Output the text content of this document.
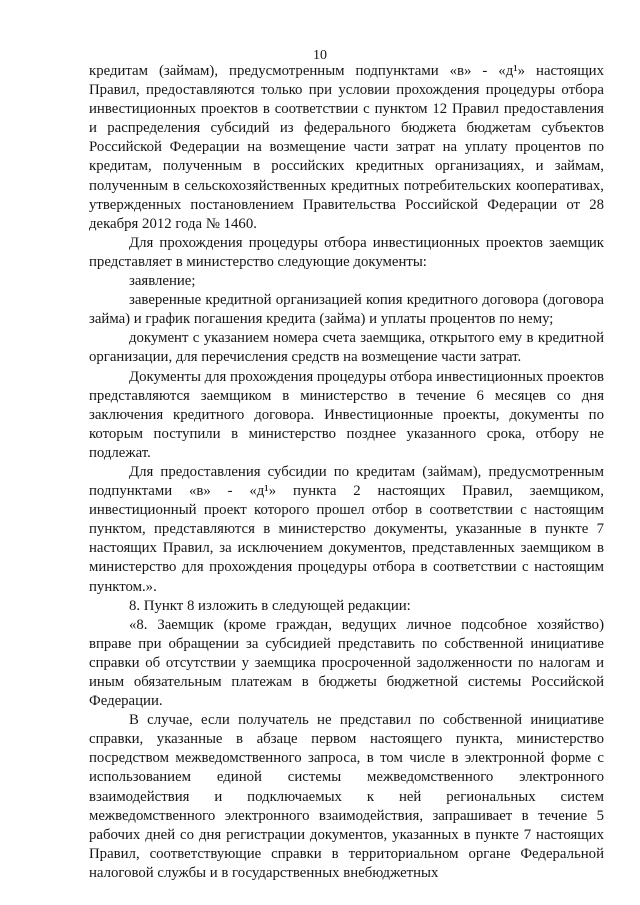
10

кредитам (займам), предусмотренным подпунктами «в» - «д¹» настоящих Правил, предоставляются только при условии прохождения процедуры отбора инвестиционных проектов в соответствии с пунктом 12 Правил предоставления и распределения субсидий из федерального бюджета бюджетам субъектов Российской Федерации на возмещение части затрат на уплату процентов по кредитам, полученным в российских кредитных организациях, и займам, полученным в сельскохозяйственных кредитных потребительских кооперативах, утвержденных постановлением Правительства Российской Федерации от 28 декабря 2012 года № 1460.

Для прохождения процедуры отбора инвестиционных проектов заемщик представляет в министерство следующие документы:

заявление;

заверенные кредитной организацией копия кредитного договора (договора займа) и график погашения кредита (займа) и уплаты процентов по нему;

документ с указанием номера счета заемщика, открытого ему в кредитной организации, для перечисления средств на возмещение части затрат.

Документы для прохождения процедуры отбора инвестиционных проектов представляются заемщиком в министерство в течение 6 месяцев со дня заключения кредитного договора. Инвестиционные проекты, документы по которым поступили в министерство позднее указанного срока, отбору не подлежат.

Для предоставления субсидии по кредитам (займам), предусмотренным подпунктами «в» - «д¹» пункта 2 настоящих Правил, заемщиком, инвестиционный проект которого прошел отбор в соответствии с настоящим пунктом, представляются в министерство документы, указанные в пункте 7 настоящих Правил, за исключением документов, представленных заемщиком в министерство для прохождения процедуры отбора в соответствии с настоящим пунктом.».

8. Пункт 8 изложить в следующей редакции:

«8. Заемщик (кроме граждан, ведущих личное подсобное хозяйство) вправе при обращении за субсидией представить по собственной инициативе справки об отсутствии у заемщика просроченной задолженности по налогам и иным обязательным платежам в бюджеты бюджетной системы Российской Федерации.

В случае, если получатель не представил по собственной инициативе справки, указанные в абзаце первом настоящего пункта, министерство посредством межведомственного запроса, в том числе в электронной форме с использованием единой системы межведомственного электронного взаимодействия и подключаемых к ней региональных систем межведомственного электронного взаимодействия, запрашивает в течение 5 рабочих дней со дня регистрации документов, указанных в пункте 7 настоящих Правил, соответствующие справки в территориальном органе Федеральной налоговой службы и в государственных внебюджетных
